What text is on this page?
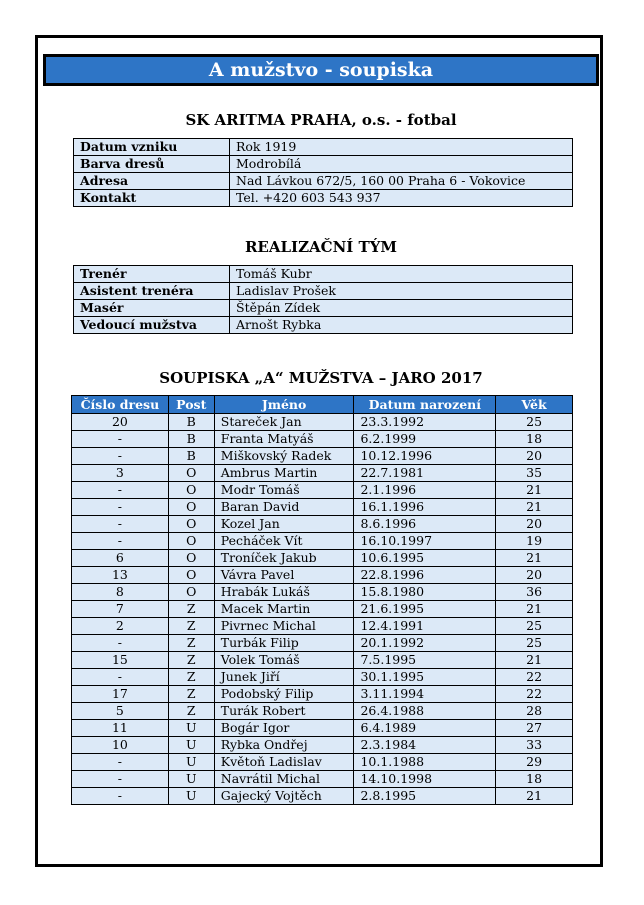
A mužstvo - soupiska
SK ARITMA PRAHA, o.s. - fotbal
Datum vzniku	Rok 1919
Barva dresů	Modrobílá
Adresa	Nad Lávkou 672/5, 160 00 Praha 6 - Vokovice
Kontakt	Tel. +420 603 543 937
REALIZAČNÍ TÝM
Trenér	Tomáš Kubr
Asistent trenéra	Ladislav Prošek
Masér	Štěpán Zídek
Vedoucí mužstva	Arnošt Rybka
SOUPISKA „A“ MUŽSTVA – JARO 2017
Číslo dresu	Post	Jméno	Datum narození	Věk
20	B	Stareček Jan	23.3.1992	25
-	B	Franta Matyáš	6.2.1999	18
-	B	Miškovský Radek	10.12.1996	20
3	O	Ambrus Martin	22.7.1981	35
-	O	Modr Tomáš	2.1.1996	21
-	O	Baran David	16.1.1996	21
-	O	Kozel Jan	8.6.1996	20
-	O	Pecháček Vít	16.10.1997	19
6	O	Troníček Jakub	10.6.1995	21
13	O	Vávra Pavel	22.8.1996	20
8	O	Hrabák Lukáš	15.8.1980	36
7	Z	Macek Martin	21.6.1995	21
2	Z	Pivrnec Michal	12.4.1991	25
-	Z	Turbák Filip	20.1.1992	25
15	Z	Volek Tomáš	7.5.1995	21
-	Z	Junek Jiří	30.1.1995	22
17	Z	Podobský Filip	3.11.1994	22
5	Z	Turák Robert	26.4.1988	28
11	U	Bogár Igor	6.4.1989	27
10	U	Rybka Ondřej	2.3.1984	33
-	U	Květoň Ladislav	10.1.1988	29
-	U	Navrátil Michal	14.10.1998	18
-	U	Gajecký Vojtěch	2.8.1995	21
